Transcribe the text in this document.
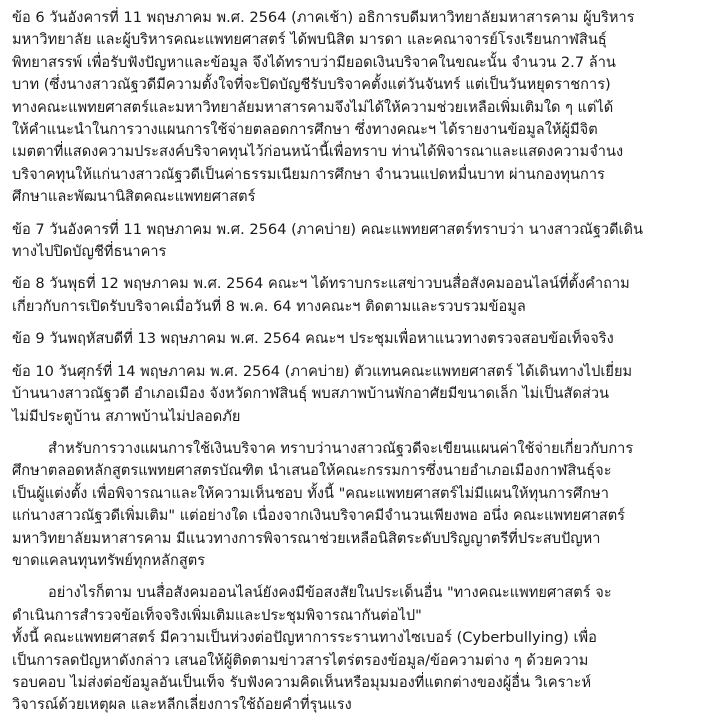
ข้อ 6 วันอังคารที่ 11 พฤษภาคม พ.ศ. 2564 (ภาคเช้า) อธิการบดีมหาวิทยาลัยมหาสารคาม ผู้บริหาร
มหาวิทยาลัย และผู้บริหารคณะแพทยศาสตร์ ได้พบนิสิต มารดา และคณาจารย์โรงเรียนกาฬสินธุ์
พิทยาสรรพ์ เพื่อรับฟังปัญหาและข้อมูล จึงได้ทราบว่ามียอดเงินบริจาคในขณะนั้น จำนวน 2.7 ล้าน
บาท (ซึ่งนางสาวณัฐวดีมีความตั้งใจที่จะปิดบัญชีรับบริจาคตั้งแต่วันจันทร์ แต่เป็นวันหยุดราชการ)
ทางคณะแพทยศาสตร์และมหาวิทยาลัยมหาสารคามจึงไม่ได้ให้ความช่วยเหลือเพิ่มเติมใด ๆ แต่ได้
ให้คำแนะนำในการวางแผนการใช้จ่ายตลอดการศึกษา ซึ่งทางคณะฯ ได้รายงานข้อมูลให้ผู้มีจิต
เมตตาที่แสดงความประสงค์บริจาคทุนไว้ก่อนหน้านี้เพื่อทราบ ท่านได้พิจารณาและแสดงความจำนง
บริจาคทุนให้แก่นางสาวณัฐวดีเป็นค่าธรรมเนียมการศึกษา จำนวนแปดหมื่นบาท ผ่านกองทุนการ
ศึกษาและพัฒนานิสิตคณะแพทยศาสตร์

ข้อ 7 วันอังคารที่ 11 พฤษภาคม พ.ศ. 2564 (ภาคบ่าย) คณะแพทยศาสตร์ทราบว่า นางสาวณัฐวดีเดิน
ทางไปปิดบัญชีที่ธนาคาร

ข้อ 8 วันพุธที่ 12 พฤษภาคม พ.ศ. 2564 คณะฯ ได้ทราบกระแสข่าวบนสื่อสังคมออนไลน์ที่ตั้งคำถาม
เกี่ยวกับการเปิดรับบริจาคเมื่อวันที่ 8 พ.ค. 64 ทางคณะฯ ติดตามและรวบรวมข้อมูล

ข้อ 9 วันพฤหัสบดีที่ 13 พฤษภาคม พ.ศ. 2564 คณะฯ ประชุมเพื่อหาแนวทางตรวจสอบข้อเท็จจริง

ข้อ 10 วันศุกร์ที่ 14 พฤษภาคม พ.ศ. 2564 (ภาคบ่าย) ตัวแทนคณะแพทยศาสตร์ ได้เดินทางไปเยี่ยม
บ้านนางสาวณัฐวดี อำเภอเมือง จังหวัดกาฬสินธุ์ พบสภาพบ้านพักอาศัยมีขนาดเล็ก ไม่เป็นสัดส่วน
ไม่มีประตูบ้าน สภาพบ้านไม่ปลอดภัย

สำหรับการวางแผนการใช้เงินบริจาค ทราบว่านางสาวณัฐวดีจะเขียนแผนค่าใช้จ่ายเกี่ยวกับการ
ศึกษาตลอดหลักสูตรแพทยศาสตรบัณฑิต นำเสนอให้คณะกรรมการซึ่งนายอำเภอเมืองกาฬสินธุ์จะ
เป็นผู้แต่งตั้ง เพื่อพิจารณาและให้ความเห็นชอบ ทั้งนี้ "คณะแพทยศาสตร์ไม่มีแผนให้ทุนการศึกษา
แก่นางสาวณัฐวดีเพิ่มเติม" แต่อย่างใด เนื่องจากเงินบริจาคมีจำนวนเพียงพอ อนึ่ง คณะแพทยศาสตร์
มหาวิทยาลัยมหาสารคาม มีแนวทางการพิจารณาช่วยเหลือนิสิตระดับปริญญาตรีที่ประสบปัญหา
ขาดแคลนทุนทรัพย์ทุกหลักสูตร

อย่างไรก็ตาม บนสื่อสังคมออนไลน์ยังคงมีข้อสงสัยในประเด็นอื่น "ทางคณะแพทยศาสตร์ จะ
ดำเนินการสำรวจข้อเท็จจริงเพิ่มเติมและประชุมพิจารณากันต่อไป"
ทั้งนี้ คณะแพทยศาสตร์ มีความเป็นห่วงต่อปัญหาการระรานทางไซเบอร์ (Cyberbullying) เพื่อ
เป็นการลดปัญหาดังกล่าว เสนอให้ผู้ติดตามข่าวสารไตร่ตรองข้อมูล/ข้อความต่าง ๆ ด้วยความ
รอบคอบ ไม่ส่งต่อข้อมูลอันเป็นเท็จ รับฟังความคิดเห็นหรือมุมมองที่แตกต่างของผู้อื่น วิเคราะห์
วิจารณ์ด้วยเหตุผล และหลีกเลี่ยงการใช้ถ้อยคำที่รุนแรง
